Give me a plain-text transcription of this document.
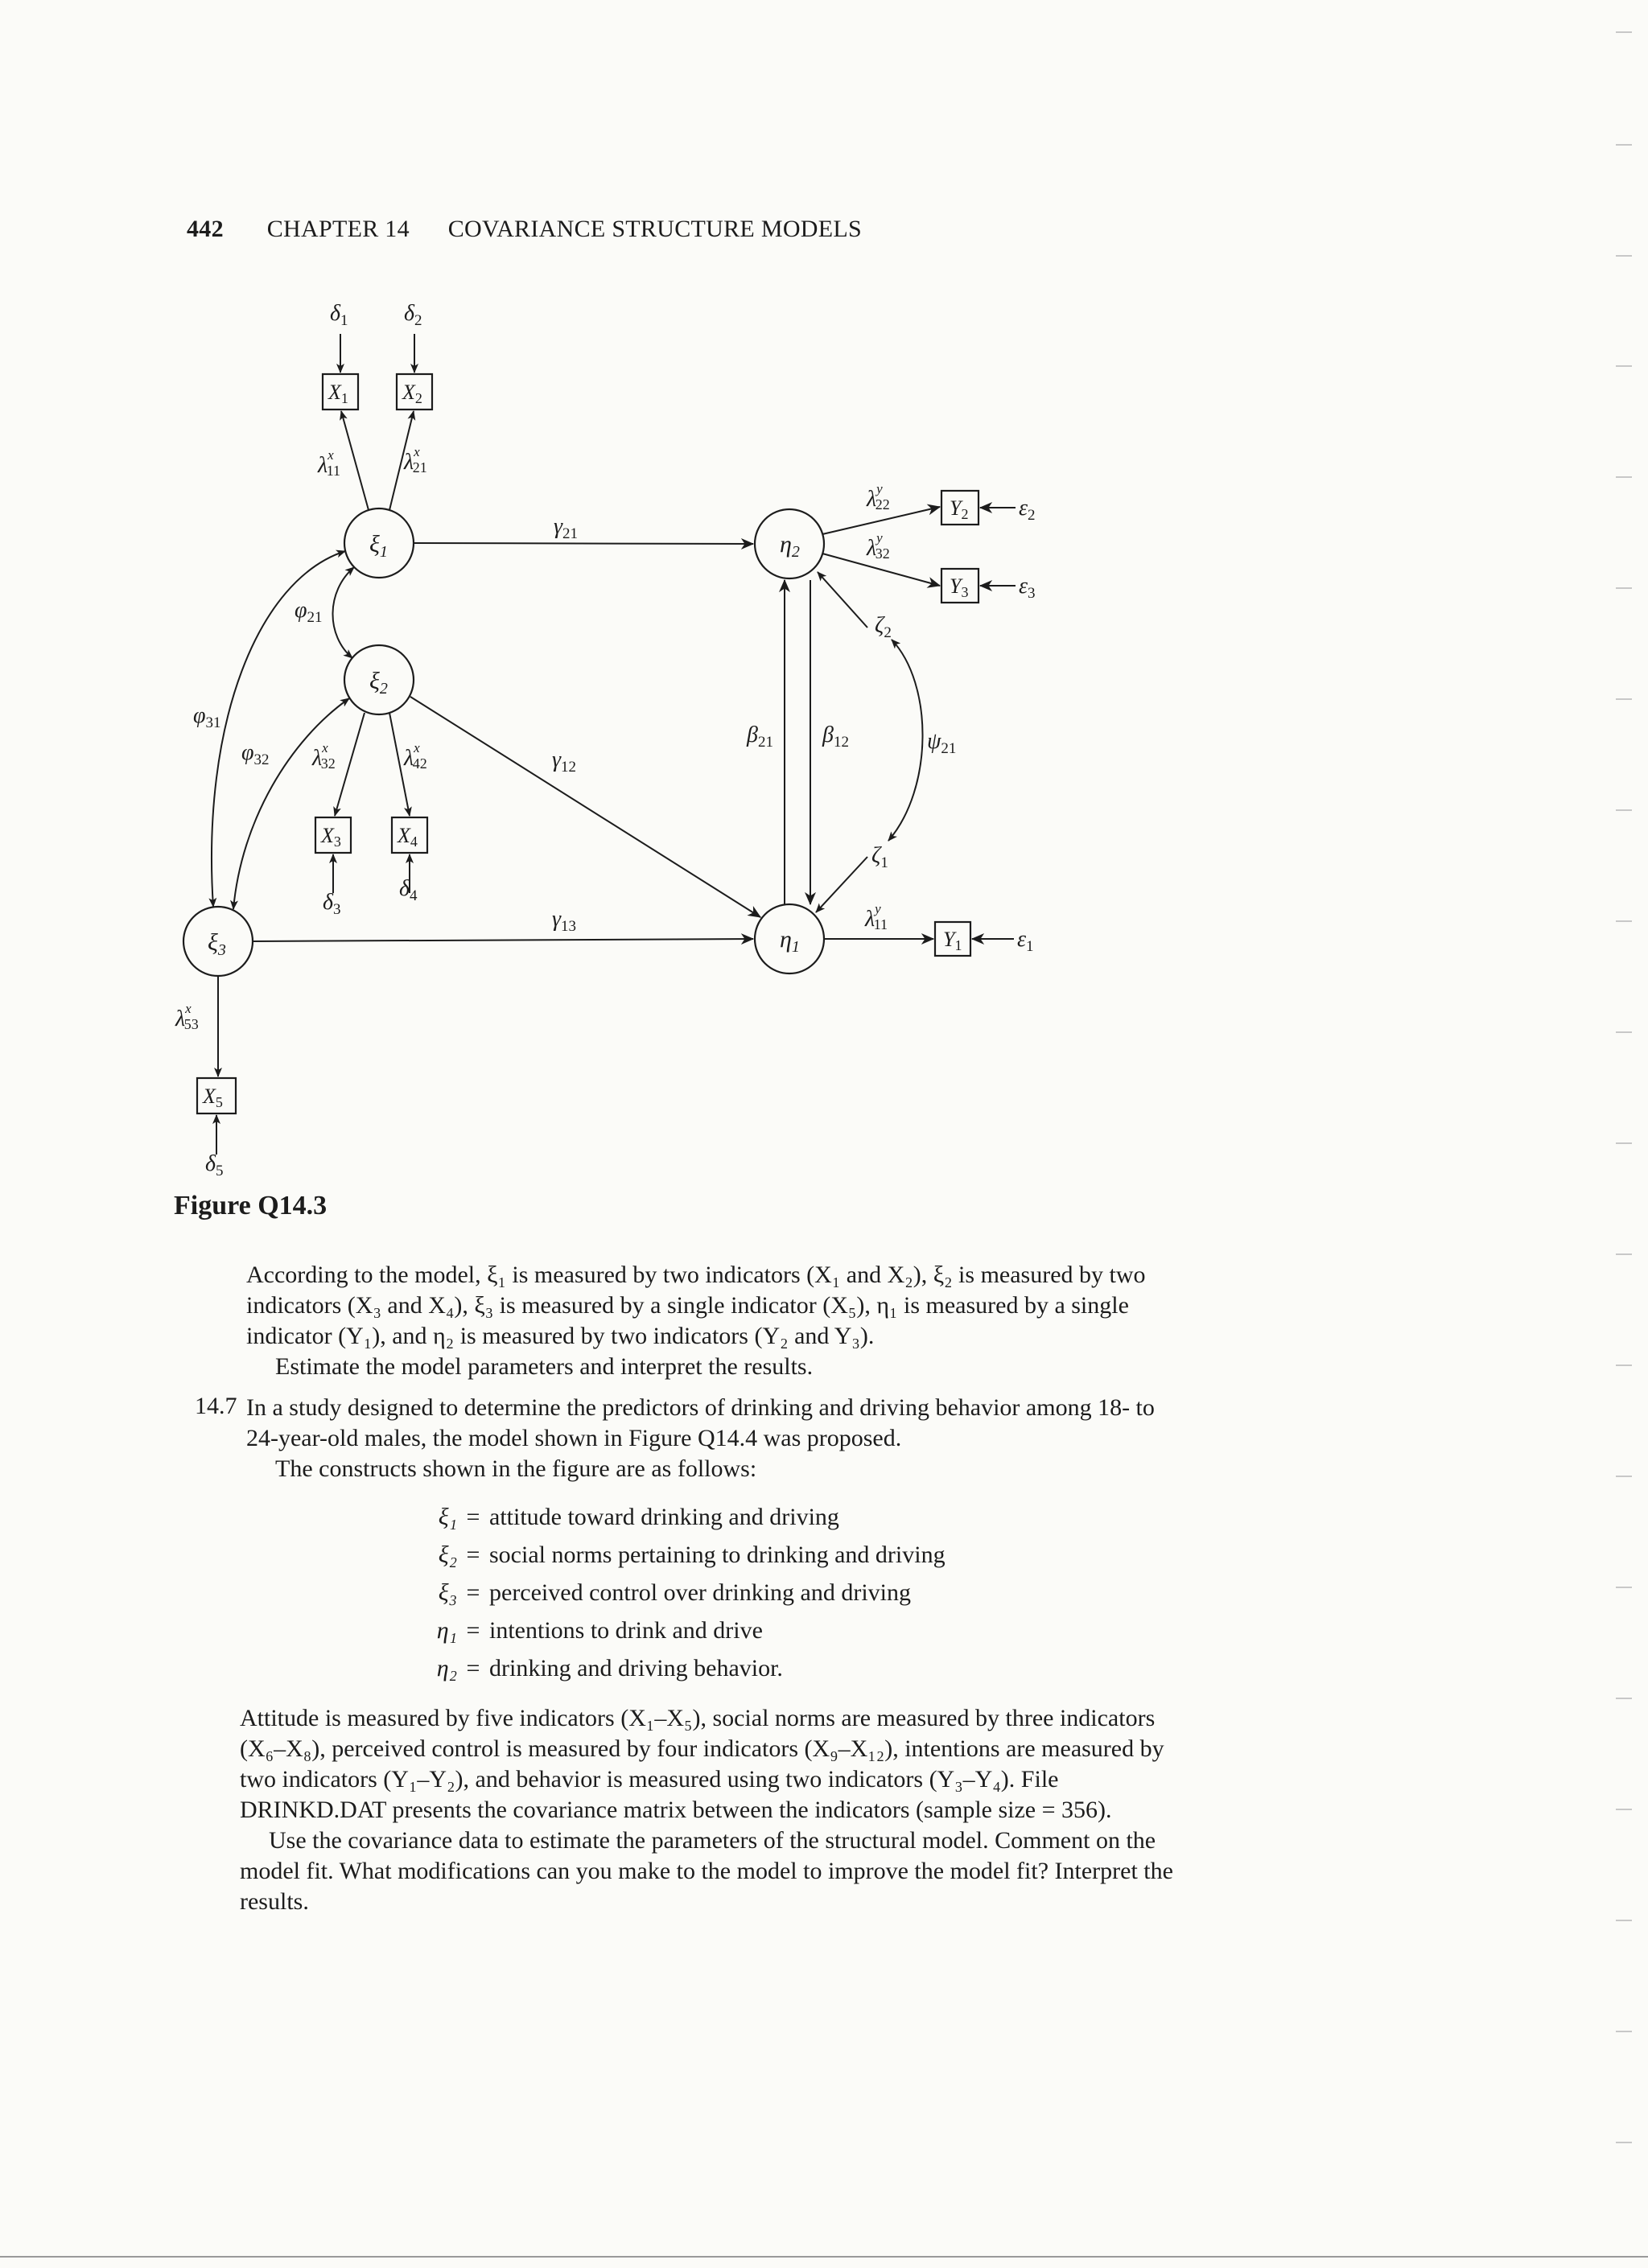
442 CHAPTER 14 COVARIANCE STRUCTURE MODELS
$\xi_1$
$\xi_2$
$\xi_3$	$\eta_1$
$\eta_2$
X1	X2
X3	X4
X5
Y1
Y2
Y3
$\delta_1$ $\delta_2$
$\delta_3$
$\delta_4$
$\delta_5$
$\varepsilon_1$
$\varepsilon_2$
$\varepsilon_3$
$\zeta_1$
$\zeta_2$
$\lambda^x$ 11	$\lambda^x$ 21
$\lambda^x$ 32	$\lambda^x$ 42
$\lambda^x$ 53
$\lambda^y$ 11
$\lambda^y$ 22
$\lambda^y$ 32
$\gamma_{21}$
$\gamma_{12}$
$\gamma_{13}$
$\beta_{21}$ $\beta_{12}$
$\varphi_{21}$
$\varphi_{31}$
$\varphi_{32}$
$\psi_{21}$
Figure Q14.3

According to the model, ξ₁ is measured by two indicators (X₁ and X₂), ξ₂ is measured by two indicators (X₃ and X₄), ξ₃ is measured by a single indicator (X₅), η₁ is measured by a single indicator (Y₁), and η₂ is measured by two indicators (Y₂ and Y₃).

Estimate the model parameters and interpret the results.

14.7 In a study designed to determine the predictors of drinking and driving behavior among 18- to 24-year-old males, the model shown in Figure Q14.4 was proposed.

The constructs shown in the figure are as follows:

ξ₁ = attitude toward drinking and driving
ξ₂ = social norms pertaining to drinking and driving
ξ₃ = perceived control over drinking and driving
η₁ = intentions to drink and drive
η₂ = drinking and driving behavior.

Attitude is measured by five indicators (X₁–X₅), social norms are measured by three indicators (X₆–X₈), perceived control is measured by four indicators (X₉–X₁₂), intentions are measured by two indicators (Y₁–Y₂), and behavior is measured using two indicators (Y₃–Y₄). File DRINKD.DAT presents the covariance matrix between the indicators (sample size = 356).

Use the covariance data to estimate the parameters of the structural model. Comment on the model fit. What modifications can you make to the model to improve the model fit? Interpret the results.
